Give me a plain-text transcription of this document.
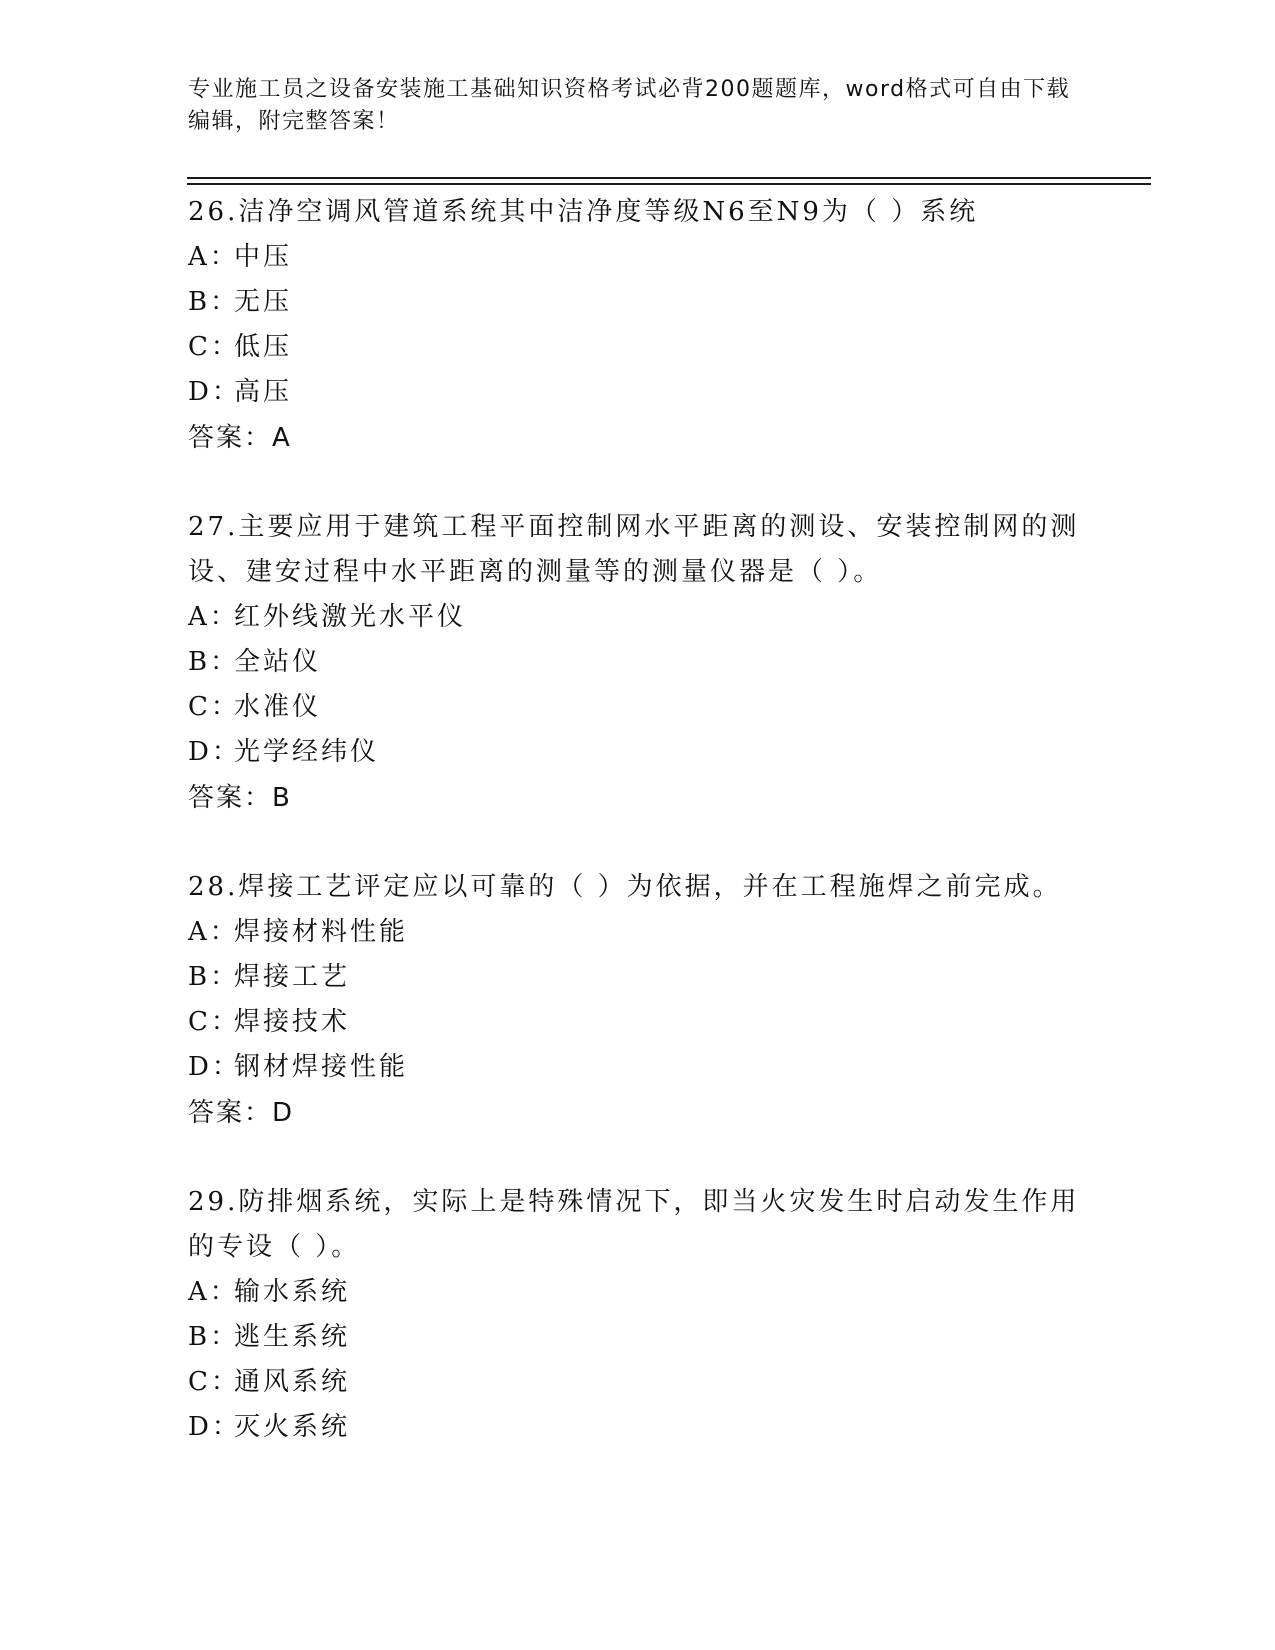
专业施工员之设备安装施工基础知识资格考试必背200题题库，word格式可自由下载编辑，附完整答案！
26.洁净空调风管道系统其中洁净度等级N6至N9为（ ）系统
A：中压
B：无压
C：低压
D：高压
答案：A
27.主要应用于建筑工程平面控制网水平距离的测设、安装控制网的测设、建安过程中水平距离的测量等的测量仪器是（ ）。
A：红外线激光水平仪
B：全站仪
C：水准仪
D：光学经纬仪
答案：B
28.焊接工艺评定应以可靠的（ ）为依据，并在工程施焊之前完成。
A：焊接材料性能
B：焊接工艺
C：焊接技术
D：钢材焊接性能
答案：D
29.防排烟系统，实际上是特殊情况下，即当火灾发生时启动发生作用的专设（ ）。
A：输水系统
B：逃生系统
C：通风系统
D：灭火系统
